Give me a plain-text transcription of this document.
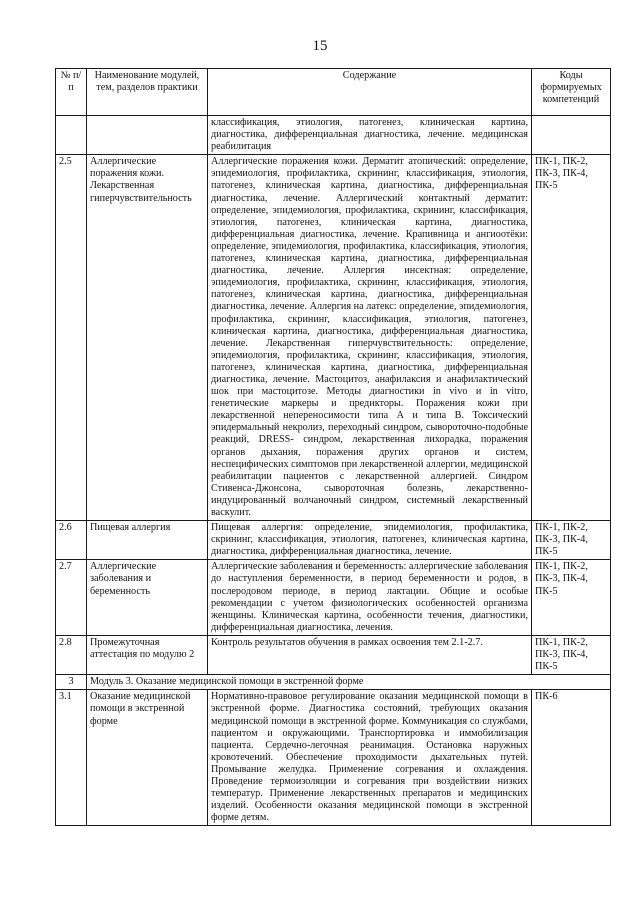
15
№ п/п	Наименование модулей, тем, разделов практики	Содержание	Коды формируемых компетенций
		классификация, этиология, патогенез, клиническая картина, диагностика, дифференциальная диагностика, лечение. медицинская реабилитация	
2.5	Аллергические поражения кожи. Лекарственная гиперчувствительность	Аллергические поражения кожи. Дерматит атопический: определение, эпидемиология, профилактика, скрининг, классификация, этиология, патогенез, клиническая картина, диагностика, дифференциальная диагностика, лечение. Аллергический контактный дерматит: определение, эпидемиология, профилактика, скрининг, классификация, этиология, патогенез, клиническая картина, диагностика, дифференциальная диагностика, лечение. Крапивница и ангиоотёки: определение, эпидемиология, профилактика, классификация, этиология, патогенез, клиническая картина, диагностика, дифференциальная диагностика, лечение. Аллергия инсектная: определение, эпидемиология, профилактика, скрининг, классификация, этиология, патогенез, клиническая картина, диагностика, дифференциальная диагностика, лечение. Аллергия на латекс: определение, эпидемиология, профилактика, скрининг, классификация, этиология, патогенез, клиническая картина, диагностика, дифференциальная диагностика, лечение. Лекарственная гиперчувствительность: определение, эпидемиология, профилактика, скрининг, классификация, этиология, патогенез, клиническая картина, диагностика, дифференциальная диагностика, лечение. Мастоцитоз, анафилаксия и анафилактический шок при мастоцитозе. Методы диагностики in vivo и in vitro, генетические маркеры и предикторы. Поражения кожи при лекарственной непереносимости типа А и типа В. Токсический эпидермальный некролиз, переходный синдром, сывороточно-подобные реакций, DRESS- синдром, лекарственная лихорадка, поражения органов дыхания, поражения других органов и систем, неспецифических симптомов при лекарственной аллергии, медицинской реабилитации пациентов с лекарственной аллергией. Синдром Стивенса-Джонсона, сывороточная болезнь, лекарственно-индуцированный волчаночный синдром, системный лекарственный васкулит.	ПК-1, ПК-2, ПК-3, ПК-4, ПК-5
2.6	Пищевая аллергия	Пищевая аллергия: определение, эпидемиология, профилактика, скрининг, классификация, этиология, патогенез, клиническая картина, диагностика, дифференциальная диагностика, лечение.	ПК-1, ПК-2, ПК-3, ПК-4, ПК-5
2.7	Аллергические заболевания и беременность	Аллергические заболевания и беременность: аллергические заболевания до наступления беременности, в период беременности и родов, в послеродовом периоде, в период лактации. Общие и особые рекомендации с учетом физиологических особенностей организма женщины. Клиническая картина, особенности течения, диагностики, дифференциальная диагностика, лечения.	ПК-1, ПК-2, ПК-3, ПК-4, ПК-5
2.8	Промежуточная аттестация по модулю 2	Контроль результатов обучения в рамках освоения тем 2.1-2.7.	ПК-1, ПК-2, ПК-3, ПК-4, ПК-5
3	Модуль 3. Оказание медицинской помощи в экстренной форме		
3.1	Оказание медицинской помощи в экстренной форме	Нормативно-правовое регулирование оказания медицинской помощи в экстренной форме. Диагностика состояний, требующих оказания медицинской помощи в экстренной форме. Коммуникация со службами, пациентом и окружающими. Транспортировка и иммобилизация пациента. Сердечно-легочная реанимация. Остановка наружных кровотечений. Обеспечение проходимости дыхательных путей. Промывание желудка. Применение согревания и охлаждения. Проведение термоизоляции и согревания при воздействии низких температур. Применение лекарственных препаратов и медицинских изделий. Особенности оказания медицинской помощи в экстренной форме детям.	ПК-6
